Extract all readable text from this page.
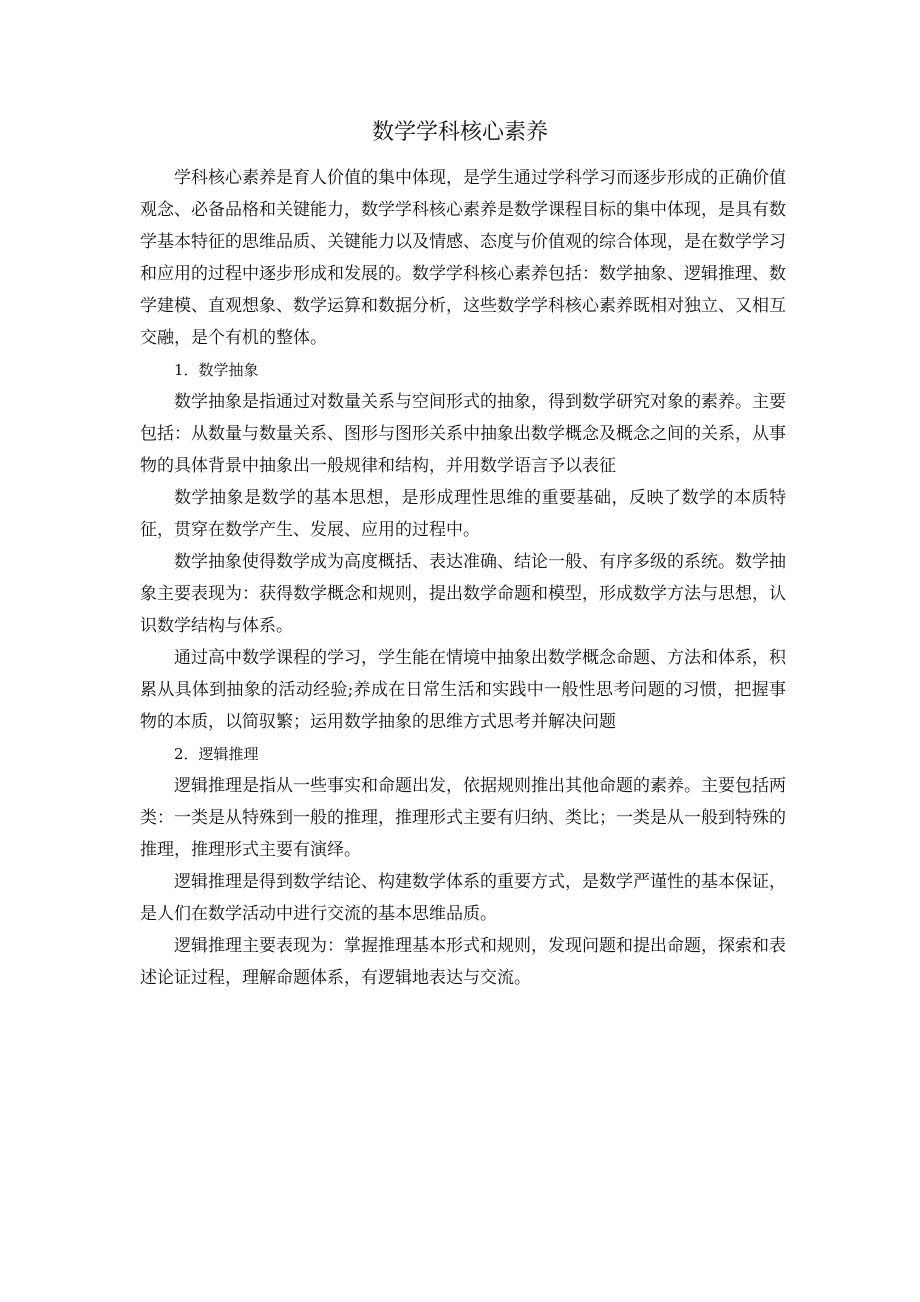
数学学科核心素养

学科核心素养是育人价值的集中体现，是学生通过学科学习而逐步形成的正确价值观念、必备品格和关键能力，数学学科核心素养是数学课程目标的集中体现，是具有数学基本特征的思维品质、关键能力以及情感、态度与价值观的综合体现，是在数学学习和应用的过程中逐步形成和发展的。数学学科核心素养包括：数学抽象、逻辑推理、数学建模、直观想象、数学运算和数据分析，这些数学学科核心素养既相对独立、又相互交融，是个有机的整体。

1．数学抽象

数学抽象是指通过对数量关系与空间形式的抽象，得到数学研究对象的素养。主要包括：从数量与数量关系、图形与图形关系中抽象出数学概念及概念之间的关系，从事物的具体背景中抽象出一般规律和结构，并用数学语言予以表征

数学抽象是数学的基本思想，是形成理性思维的重要基础，反映了数学的本质特征，贯穿在数学产生、发展、应用的过程中。

数学抽象使得数学成为高度概括、表达准确、结论一般、有序多级的系统。数学抽象主要表现为：获得数学概念和规则，提出数学命题和模型，形成数学方法与思想，认识数学结构与体系。

通过高中数学课程的学习，学生能在情境中抽象出数学概念命题、方法和体系，积累从具体到抽象的活动经验;养成在日常生活和实践中一般性思考问题的习惯，把握事物的本质，以简驭繁；运用数学抽象的思维方式思考并解决问题

2．逻辑推理

逻辑推理是指从一些事实和命题出发，依据规则推出其他命题的素养。主要包括两类：一类是从特殊到一般的推理，推理形式主要有归纳、类比；一类是从一般到特殊的推理，推理形式主要有演绎。

逻辑推理是得到数学结论、构建数学体系的重要方式，是数学严谨性的基本保证，是人们在数学活动中进行交流的基本思维品质。

逻辑推理主要表现为：掌握推理基本形式和规则，发现问题和提出命题，探索和表述论证过程，理解命题体系，有逻辑地表达与交流。
